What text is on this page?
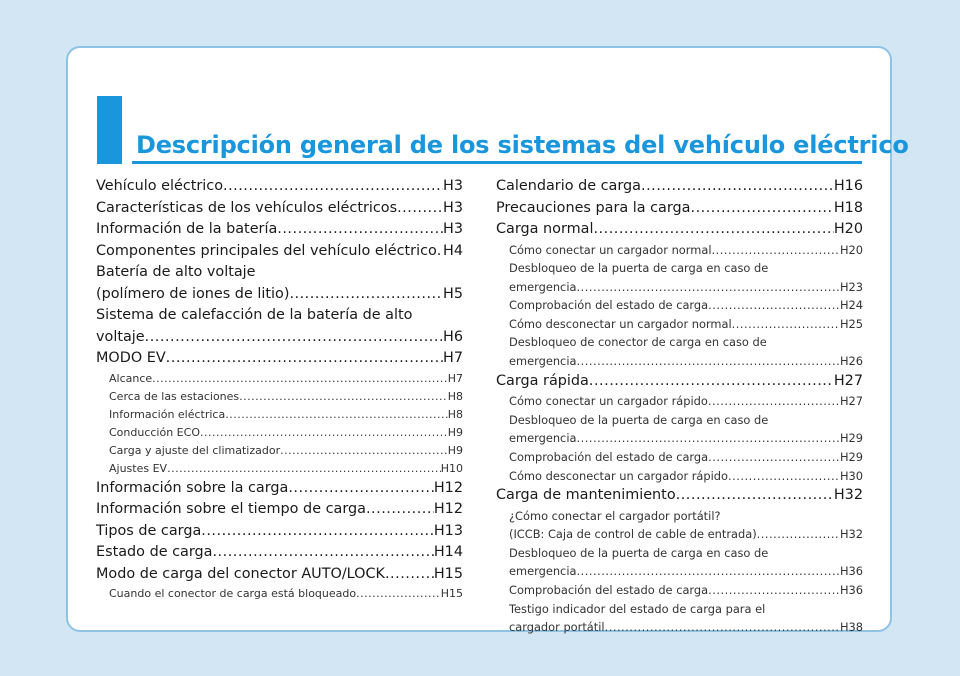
Descripción general de los sistemas del vehículo eléctrico
Vehículo eléctrico .....	H3
Características de los vehículos eléctricos .....	H3
Información de la batería .....	H3
Componentes principales del vehículo eléctrico ..... H4
Batería de alto voltaje
(polímero de iones de litio) .....	H5
Sistema de calefacción de la batería de alto
voltaje .....	H6
MODO EV .....	H7
Alcance .....	H7
Cerca de las estaciones .....	H8
Información eléctrica .....	H8
Conducción ECO .....	H9
Carga y ajuste del climatizador .....	H9
Ajustes EV .....	H10
Información sobre la carga .....	H12
Información sobre el tiempo de carga .....	H12
Tipos de carga .....	H13
Estado de carga .....	H14
Modo de carga del conector AUTO/LOCK .....	H15
Cuando el conector de carga está bloqueado .....	H15
Calendario de carga .....	H16
Precauciones para la carga .....	H18
Carga normal .....	H20
Cómo conectar un cargador normal .....	H20
Desbloqueo de la puerta de carga en caso de
emergencia .....	H23
Comprobación del estado de carga .....	H24
Cómo desconectar un cargador normal .....	H25
Desbloqueo de conector de carga en caso de
emergencia .....	H26
Carga rápida .....	H27
Cómo conectar un cargador rápido .....	H27
Desbloqueo de la puerta de carga en caso de
emergencia .....	H29
Comprobación del estado de carga .....	H29
Cómo desconectar un cargador rápido .....	H30
Carga de mantenimiento .....	H32
¿Cómo conectar el cargador portátil?
(ICCB: Caja de control de cable de entrada) .....	H32
Desbloqueo de la puerta de carga en caso de
emergencia .....	H36
Comprobación del estado de carga .....	H36
Testigo indicador del estado de carga para el
cargador portátil .....	H38
